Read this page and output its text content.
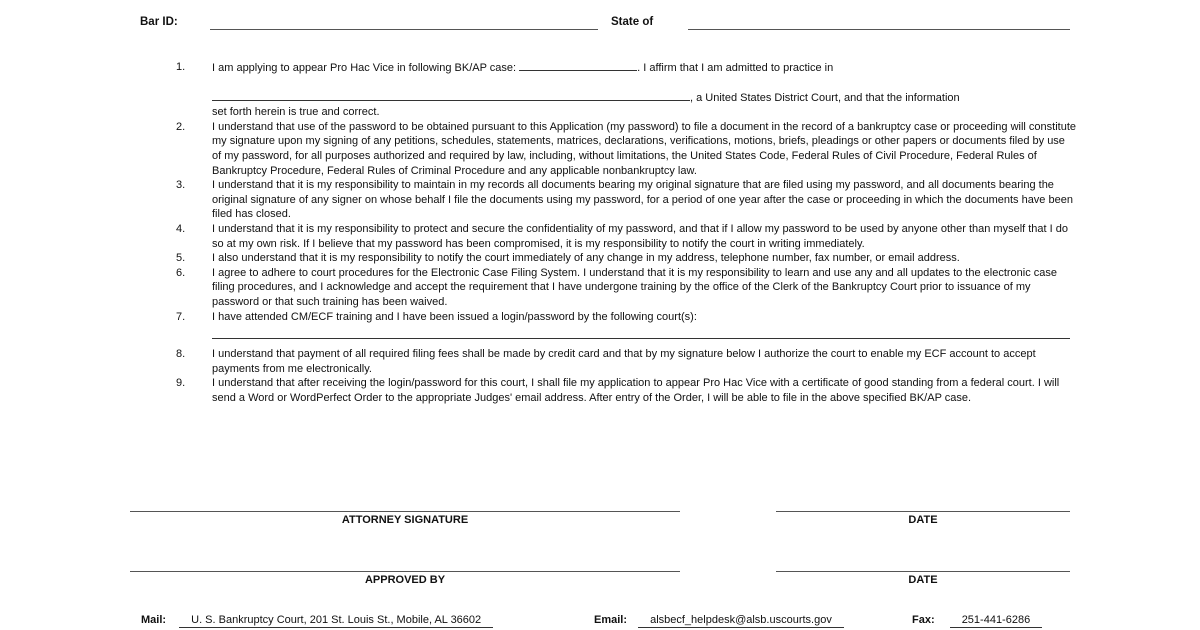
Bar ID:	State of
1. I am applying to appear Pro Hac Vice in following BK/AP case:	. I affirm that I am admitted to practice in
, a United States District Court, and that the information
set forth herein is true and correct.
2. I understand that use of the password to be obtained pursuant to this Application (my password) to file a document in the record of a bankruptcy case or proceeding will constitute my signature upon my signing of any petitions, schedules, statements, matrices, declarations, verifications, motions, briefs, pleadings or other papers or documents filed by use of my password, for all purposes authorized and required by law, including, without limitations, the United States Code, Federal Rules of Civil Procedure, Federal Rules of Bankruptcy Procedure, Federal Rules of Criminal Procedure and any applicable nonbankruptcy law.
3. I understand that it is my responsibility to maintain in my records all documents bearing my original signature that are filed using my password, and all documents bearing the original signature of any signer on whose behalf I file the documents using my password, for a period of one year after the case or proceeding in which the documents have been filed has closed.
4. I understand that it is my responsibility to protect and secure the confidentiality of my password, and that if I allow my password to be used by anyone other than myself that I do so at my own risk. If I believe that my password has been compromised, it is my responsibility to notify the court in writing immediately.
5. I also understand that it is my responsibility to notify the court immediately of any change in my address, telephone number, fax number, or email address.
6. I agree to adhere to court procedures for the Electronic Case Filing System. I understand that it is my responsibility to learn and use any and all updates to the electronic case filing procedures, and I acknowledge and accept the requirement that I have undergone training by the office of the Clerk of the Bankruptcy Court prior to issuance of my password or that such training has been waived.
7. I have attended CM/ECF training and I have been issued a login/password by the following court(s):
8. I understand that payment of all required filing fees shall be made by credit card and that by my signature below I authorize the court to enable my ECF account to accept payments from me electronically.
9. I understand that after receiving the login/password for this court, I shall file my application to appear Pro Hac Vice with a certificate of good standing from a federal court. I will send a Word or WordPerfect Order to the appropriate Judges' email address. After entry of the Order, I will be able to file in the above specified BK/AP case.
ATTORNEY SIGNATURE	DATE
APPROVED BY	DATE
Mail: U. S. Bankruptcy Court, 201 St. Louis St., Mobile, AL 36602	Email: alsbecf_helpdesk@alsb.uscourts.gov	Fax: 251-441-6286
